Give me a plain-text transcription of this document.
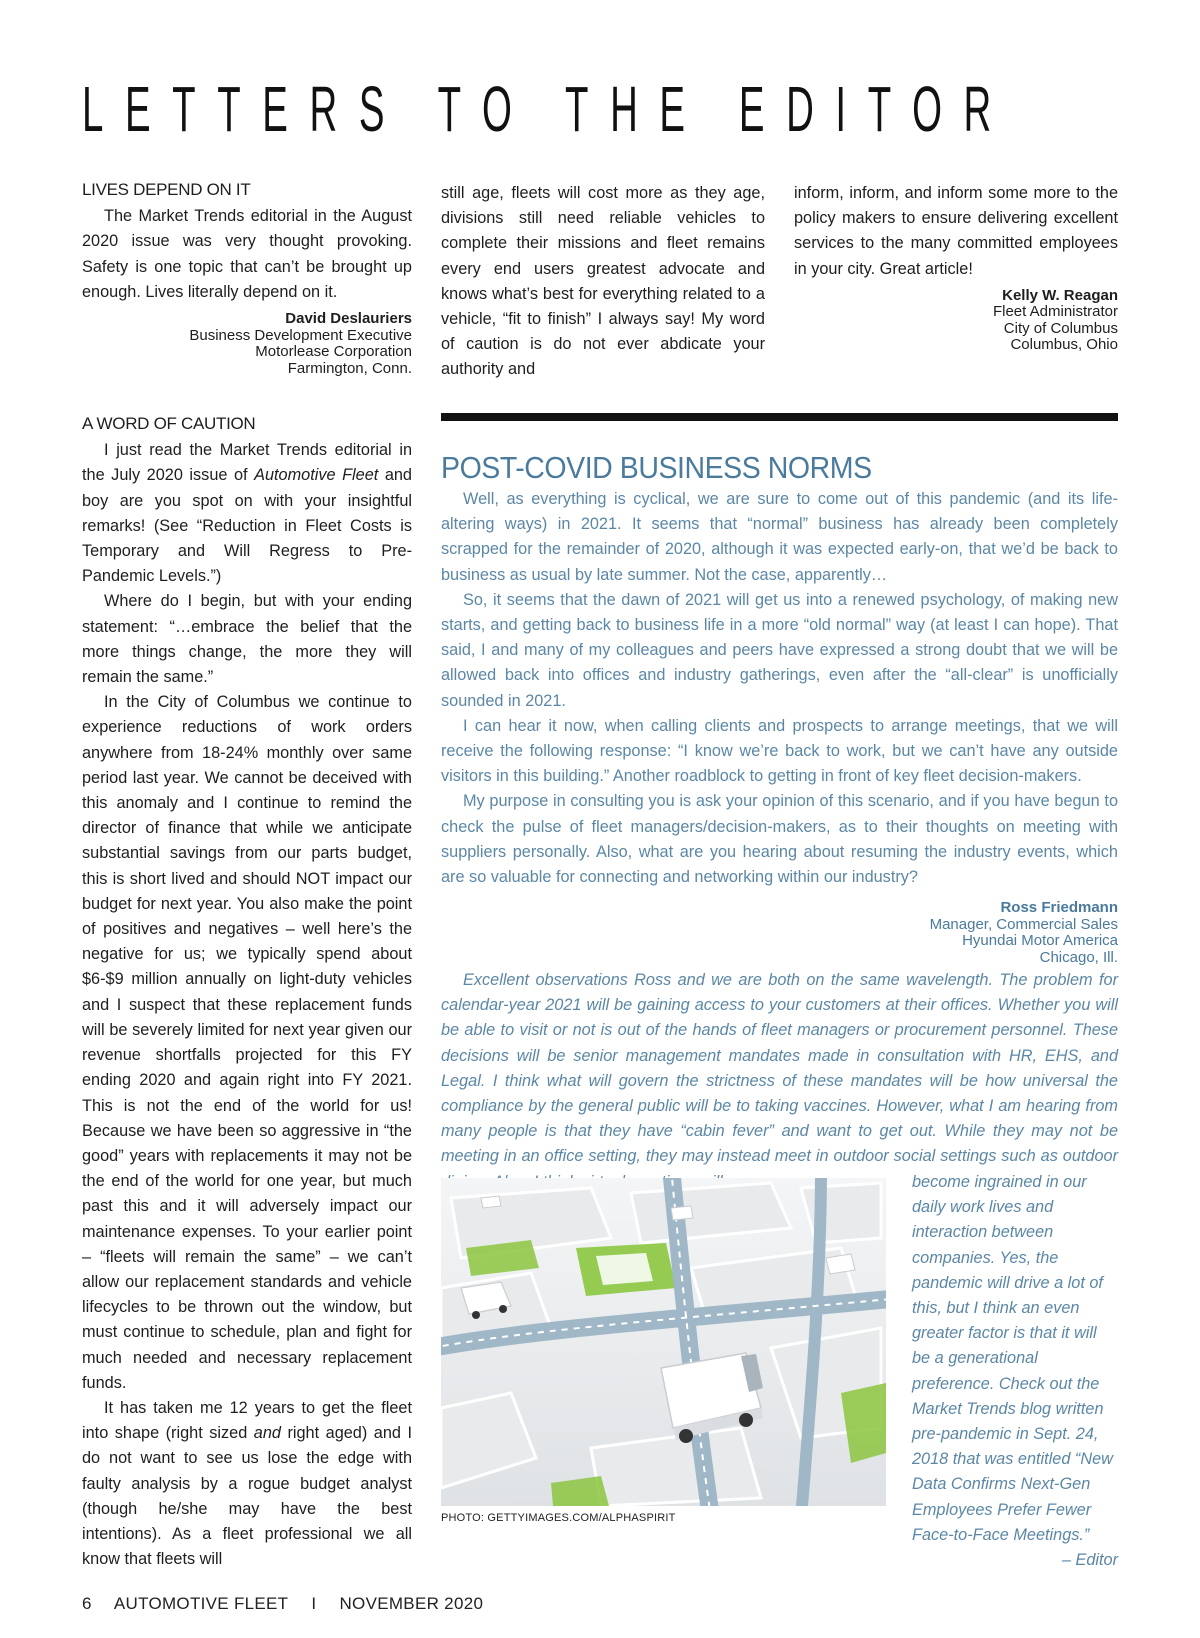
LETTERS TO THE EDITOR
LIVES DEPEND ON IT

The Market Trends editorial in the August 2020 issue was very thought provoking. Safety is one topic that can’t be brought up enough. Lives literally depend on it.

David Deslauriers
Business Development Executive
Motorlease Corporation
Farmington, Conn.
A WORD OF CAUTION

I just read the Market Trends editorial in the July 2020 issue of Automotive Fleet and boy are you spot on with your insightful remarks! (See “Reduction in Fleet Costs is Temporary and Will Regress to Pre-Pandemic Levels.”)

Where do I begin, but with your ending statement: “…embrace the belief that the more things change, the more they will remain the same.”

In the City of Columbus we continue to experience reductions of work orders anywhere from 18-24% monthly over same period last year. We cannot be deceived with this anomaly and I continue to remind the director of finance that while we anticipate substantial savings from our parts budget, this is short lived and should NOT impact our budget for next year. You also make the point of positives and negatives – well here’s the negative for us; we typically spend about $6-$9 million annually on light-duty vehicles and I suspect that these replacement funds will be severely limited for next year given our revenue shortfalls projected for this FY ending 2020 and again right into FY 2021. This is not the end of the world for us! Because we have been so aggressive in “the good” years with replacements it may not be the end of the world for one year, but much past this and it will adversely impact our maintenance expenses. To your earlier point – “fleets will remain the same” – we can’t allow our replacement standards and vehicle lifecycles to be thrown out the window, but must continue to schedule, plan and fight for much needed and necessary replacement funds.

It has taken me 12 years to get the fleet into shape (right sized and right aged) and I do not want to see us lose the edge with faulty analysis by a rogue budget analyst (though he/she may have the best intentions). As a fleet professional we all know that fleets will

still age, fleets will cost more as they age, divisions still need reliable vehicles to complete their missions and fleet remains every end users greatest advocate and knows what’s best for everything related to a vehicle, “fit to finish” I always say! My word of caution is do not ever abdicate your authority and

inform, inform, and inform some more to the policy makers to ensure delivering excellent services to the many committed employees in your city. Great article!

Kelly W. Reagan
Fleet Administrator
City of Columbus
Columbus, Ohio
POST-COVID BUSINESS NORMS

Well, as everything is cyclical, we are sure to come out of this pandemic (and its life-altering ways) in 2021. It seems that “normal” business has already been completely scrapped for the remainder of 2020, although it was expected early-on, that we’d be back to business as usual by late summer. Not the case, apparently…

So, it seems that the dawn of 2021 will get us into a renewed psychology, of making new starts, and getting back to business life in a more “old normal” way (at least I can hope). That said, I and many of my colleagues and peers have expressed a strong doubt that we will be allowed back into offices and industry gatherings, even after the “all-clear” is unofficially sounded in 2021.

I can hear it now, when calling clients and prospects to arrange meetings, that we will receive the following response: “I know we’re back to work, but we can’t have any outside visitors in this building.” Another roadblock to getting in front of key fleet decision-makers.

My purpose in consulting you is ask your opinion of this scenario, and if you have begun to check the pulse of fleet managers/decision-makers, as to their thoughts on meeting with suppliers personally. Also, what are you hearing about resuming the industry events, which are so valuable for connecting and networking within our industry?

Ross Friedmann
Manager, Commercial Sales
Hyundai Motor America
Chicago, Ill.
Excellent observations Ross and we are both on the same wavelength. The problem for calendar-year 2021 will be gaining access to your customers at their offices. Whether you will be able to visit or not is out of the hands of fleet managers or procurement personnel. These decisions will be senior management mandates made in consultation with HR, EHS, and Legal. I think what will govern the strictness of these mandates will be how universal the compliance by the general public will be to taking vaccines. However, what I am hearing from many people is that they have “cabin fever” and want to get out. While they may not be meeting in an office setting, they may instead meet in outdoor social settings such as outdoor
become ingrained in our daily work lives and interaction between companies. Yes, the pandemic will drive a lot of this, but I think an even greater factor is that it will be a generational preference. Check out the Market Trends blog written pre-pandemic in Sept. 24, 2018 that was entitled “New Data Confirms Next-Gen Employees Prefer Fewer Face-to-Face Meetings.”
– Editor
PHOTO: GETTYIMAGES.COM/ALPHASPIRIT
6 AUTOMOTIVE FLEET I NOVEMBER 2020
